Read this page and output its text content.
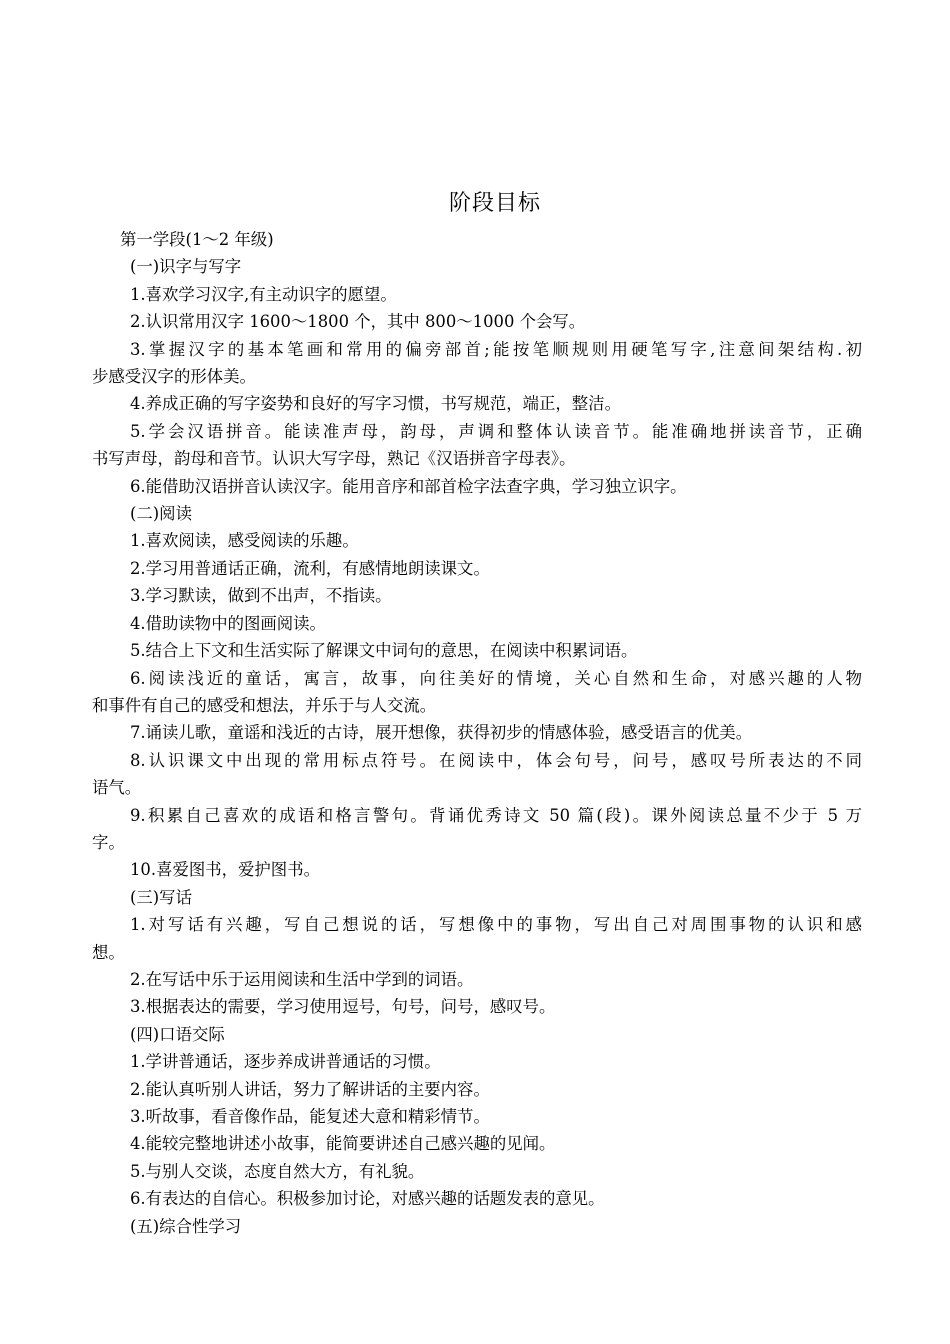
阶段目标
第一学段(1～2 年级)
(一)识字与写字
1.喜欢学习汉字,有主动识字的愿望。
2.认识常用汉字 1600～1800 个，其中 800～1000 个会写。
3.掌握汉字的基本笔画和常用的偏旁部首;能按笔顺规则用硬笔写字,注意间架结构.初
步感受汉字的形体美。
4.养成正确的写字姿势和良好的写字习惯，书写规范，端正，整洁。
5.学会汉语拼音。能读准声母，韵母，声调和整体认读音节。能准确地拼读音节，正确
书写声母，韵母和音节。认识大写字母，熟记《汉语拼音字母表》。
6.能借助汉语拼音认读汉字。能用音序和部首检字法查字典，学习独立识字。
(二)阅读
1.喜欢阅读，感受阅读的乐趣。
2.学习用普通话正确，流利，有感情地朗读课文。
3.学习默读，做到不出声，不指读。
4.借助读物中的图画阅读。
5.结合上下文和生活实际了解课文中词句的意思，在阅读中积累词语。
6.阅读浅近的童话，寓言，故事，向往美好的情境，关心自然和生命，对感兴趣的人物
和事件有自己的感受和想法，并乐于与人交流。
7.诵读儿歌，童谣和浅近的古诗，展开想像，获得初步的情感体验，感受语言的优美。
8.认识课文中出现的常用标点符号。在阅读中，体会句号，问号，感叹号所表达的不同
语气。
9.积累自己喜欢的成语和格言警句。背诵优秀诗文 50 篇(段)。课外阅读总量不少于 5 万
字。
10.喜爱图书，爱护图书。
(三)写话
1.对写话有兴趣，写自己想说的话，写想像中的事物，写出自己对周围事物的认识和感
想。
2.在写话中乐于运用阅读和生活中学到的词语。
3.根据表达的需要，学习使用逗号，句号，问号，感叹号。
(四)口语交际
1.学讲普通话，逐步养成讲普通话的习惯。
2.能认真听别人讲话，努力了解讲话的主要内容。
3.听故事，看音像作品，能复述大意和精彩情节。
4.能较完整地讲述小故事，能简要讲述自己感兴趣的见闻。
5.与别人交谈，态度自然大方，有礼貌。
6.有表达的自信心。积极参加讨论，对感兴趣的话题发表的意见。
(五)综合性学习
